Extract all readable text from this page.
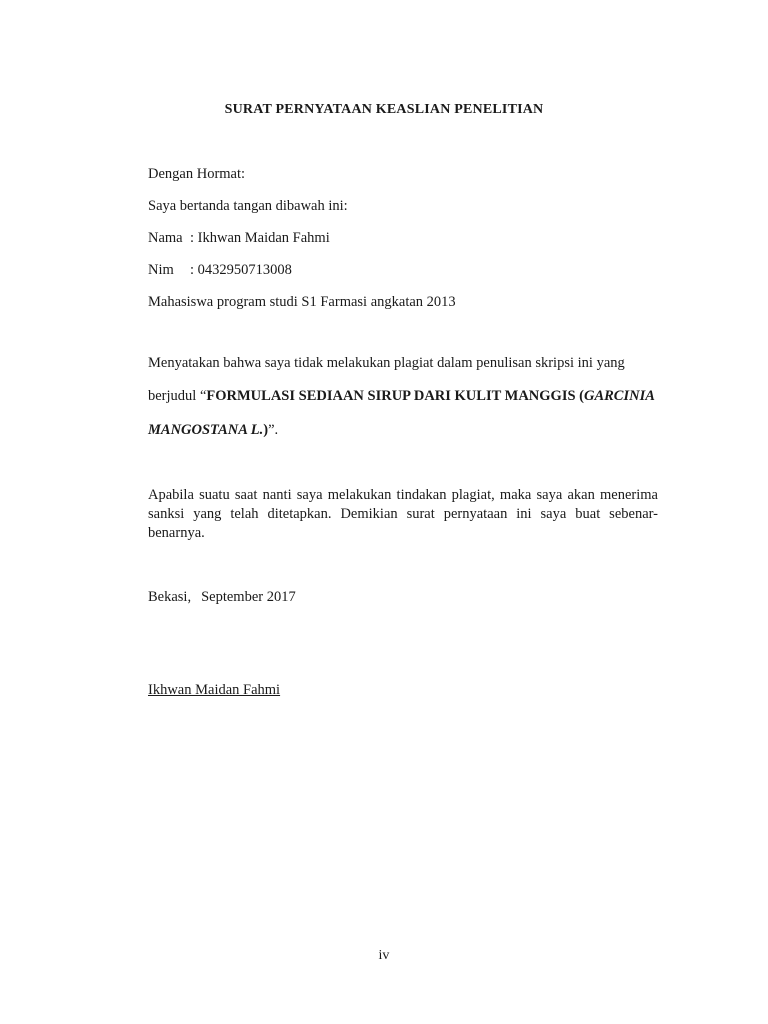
SURAT PERNYATAAN KEASLIAN PENELITIAN
Dengan Hormat:
Saya bertanda tangan dibawah ini:
Nama : Ikhwan Maidan Fahmi
Nim : 0432950713008
Mahasiswa program studi S1 Farmasi angkatan 2013
Menyatakan bahwa saya tidak melakukan plagiat dalam penulisan skripsi ini yang
berjudul “FORMULASI SEDIAAN SIRUP DARI KULIT MANGGIS (GARCINIA
MANGOSTANA L.)”.
Apabila suatu saat nanti saya melakukan tindakan plagiat, maka saya akan menerima sanksi yang telah ditetapkan. Demikian surat pernyataan ini saya buat sebenar-benarnya.
Bekasi, September 2017
Ikhwan Maidan Fahmi
iv
